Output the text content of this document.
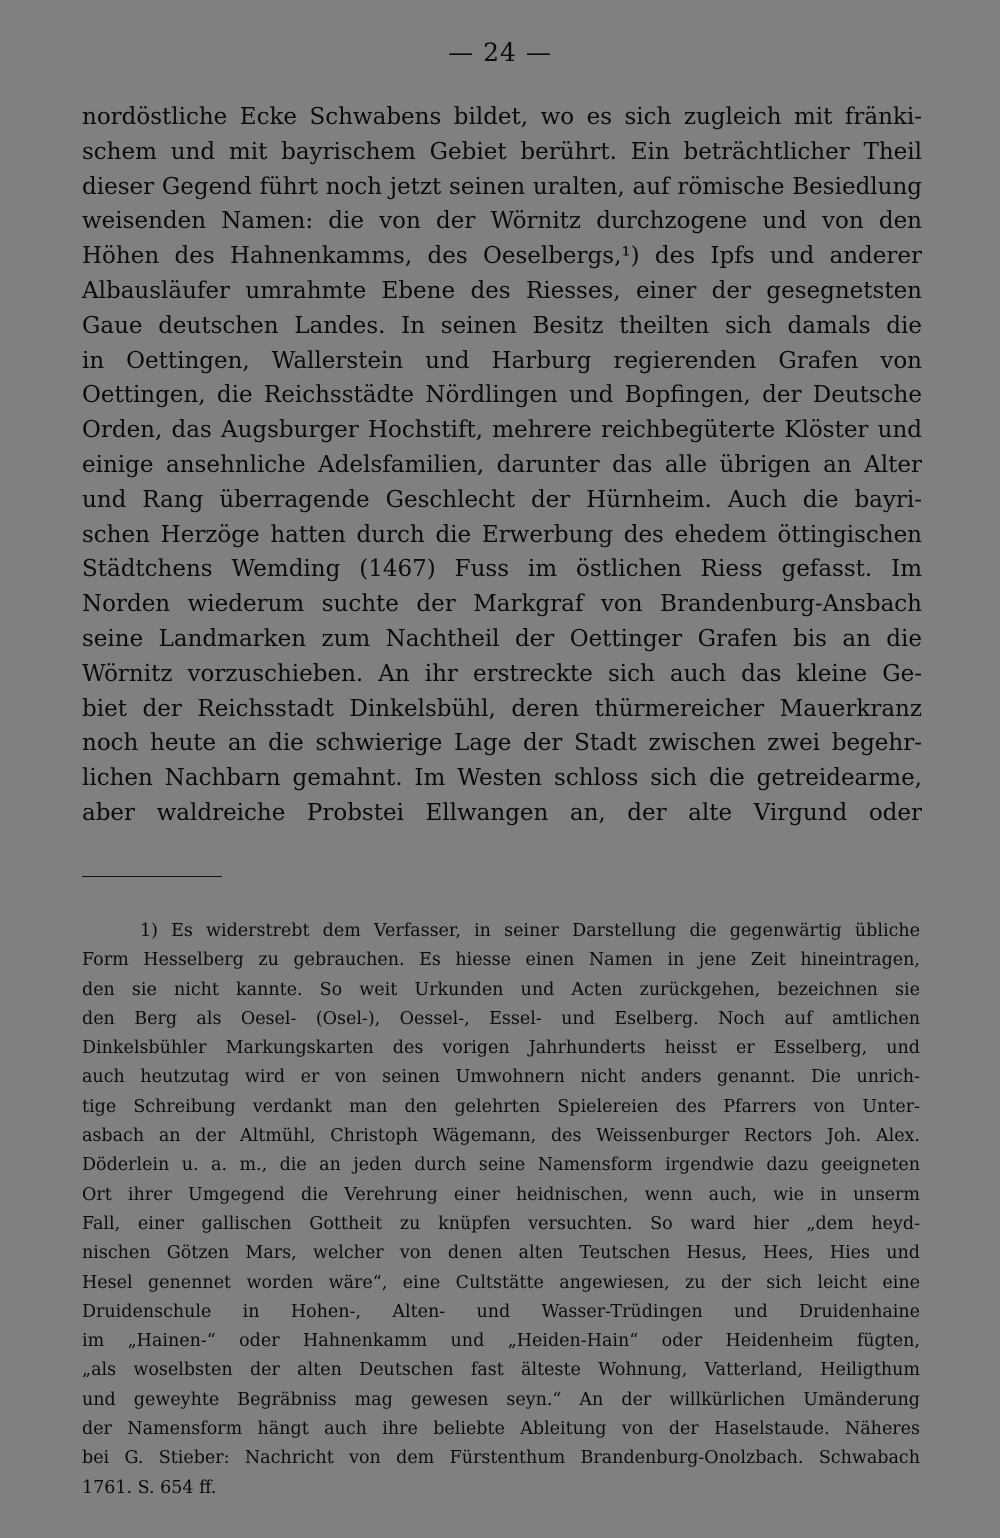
— 24 —
nordöstliche Ecke Schwabens bildet, wo es sich zugleich mit fränki-
schem und mit bayrischem Gebiet berührt. Ein beträchtlicher Theil
dieser Gegend führt noch jetzt seinen uralten, auf römische Besiedlung
weisenden Namen: die von der Wörnitz durchzogene und von den
Höhen des Hahnenkamms, des Oeselbergs,¹) des Ipfs und anderer
Albausläufer umrahmte Ebene des Riesses, einer der gesegnetsten
Gaue deutschen Landes. In seinen Besitz theilten sich damals die
in Oettingen, Wallerstein und Harburg regierenden Grafen von
Oettingen, die Reichsstädte Nördlingen und Bopfingen, der Deutsche
Orden, das Augsburger Hochstift, mehrere reichbegüterte Klöster und
einige ansehnliche Adelsfamilien, darunter das alle übrigen an Alter
und Rang überragende Geschlecht der Hürnheim. Auch die bayri-
schen Herzöge hatten durch die Erwerbung des ehedem öttingischen
Städtchens Wemding (1467) Fuss im östlichen Riess gefasst. Im
Norden wiederum suchte der Markgraf von Brandenburg-Ansbach
seine Landmarken zum Nachtheil der Oettinger Grafen bis an die
Wörnitz vorzuschieben. An ihr erstreckte sich auch das kleine Ge-
biet der Reichsstadt Dinkelsbühl, deren thürmereicher Mauerkranz
noch heute an die schwierige Lage der Stadt zwischen zwei begehr-
lichen Nachbarn gemahnt. Im Westen schloss sich die getreidearme,
aber waldreiche Probstei Ellwangen an, der alte Virgund oder
1) Es widerstrebt dem Verfasser, in seiner Darstellung die gegenwärtig übliche
Form Hesselberg zu gebrauchen. Es hiesse einen Namen in jene Zeit hineintragen,
den sie nicht kannte. So weit Urkunden und Acten zurückgehen, bezeichnen sie
den Berg als Oesel- (Osel-), Oessel-, Essel- und Eselberg. Noch auf amtlichen
Dinkelsbühler Markungskarten des vorigen Jahrhunderts heisst er Esselberg, und
auch heutzutag wird er von seinen Umwohnern nicht anders genannt. Die unrich-
tige Schreibung verdankt man den gelehrten Spielereien des Pfarrers von Unter-
asbach an der Altmühl, Christoph Wägemann, des Weissenburger Rectors Joh. Alex.
Döderlein u. a. m., die an jeden durch seine Namensform irgendwie dazu geeigneten
Ort ihrer Umgegend die Verehrung einer heidnischen, wenn auch, wie in unserm
Fall, einer gallischen Gottheit zu knüpfen versuchten. So ward hier „dem heyd-
nischen Götzen Mars, welcher von denen alten Teutschen Hesus, Hees, Hies und
Hesel genennet worden wäre“, eine Cultstätte angewiesen, zu der sich leicht eine
Druidenschule in Hohen-, Alten- und Wasser-Trüdingen und Druidenhaine
im „Hainen-“ oder Hahnenkamm und „Heiden-Hain“ oder Heidenheim fügten,
„als woselbsten der alten Deutschen fast älteste Wohnung, Vatterland, Heiligthum
und geweyhte Begräbniss mag gewesen seyn.“ An der willkürlichen Umänderung
der Namensform hängt auch ihre beliebte Ableitung von der Haselstaude. Näheres
bei G. Stieber: Nachricht von dem Fürstenthum Brandenburg-Onolzbach. Schwabach
1761. S. 654 ff.
